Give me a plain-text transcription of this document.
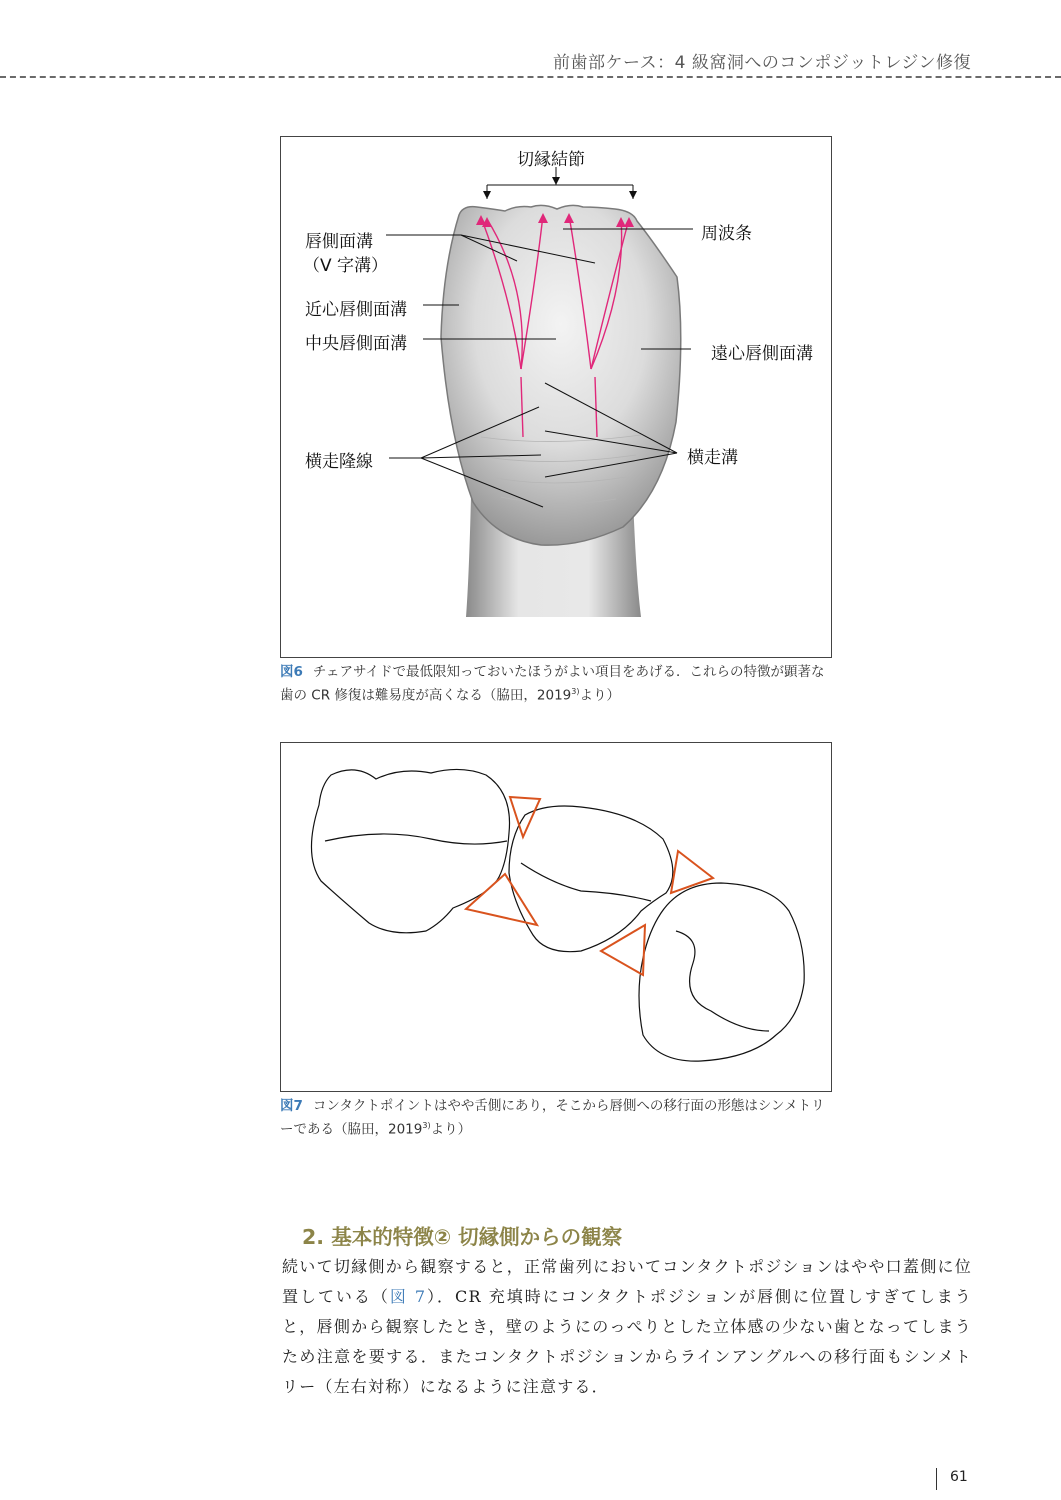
前歯部ケース：4 級窩洞へのコンポジットレジン修復
切縁結節
周波条
唇側面溝
（V 字溝）
近心唇側面溝
中央唇側面溝	遠心唇側面溝
横走隆線	横走溝
図6 チェアサイドで最低限知っておいたほうがよい項目をあげる．これらの特徴が顕著な歯の CR 修復は難易度が高くなる（脇田，2019$^{3)}$より）
図7 コンタクトポイントはやや舌側にあり，そこから唇側への移行面の形態はシンメトリーである（脇田，2019$^{3)}$より）
2. 基本的特徴② 切縁側からの観察
続いて切縁側から観察すると，正常歯列においてコンタクトポジションはやや口蓋側に位置している（図 7）．CR 充填時にコンタクトポジションが唇側に位置しすぎてしまうと，唇側から観察したとき，壁のようにのっぺりとした立体感の少ない歯となってしまうため注意を要する．またコンタクトポジションからラインアングルへの移行面もシンメトリー（左右対称）になるように注意する．
61
